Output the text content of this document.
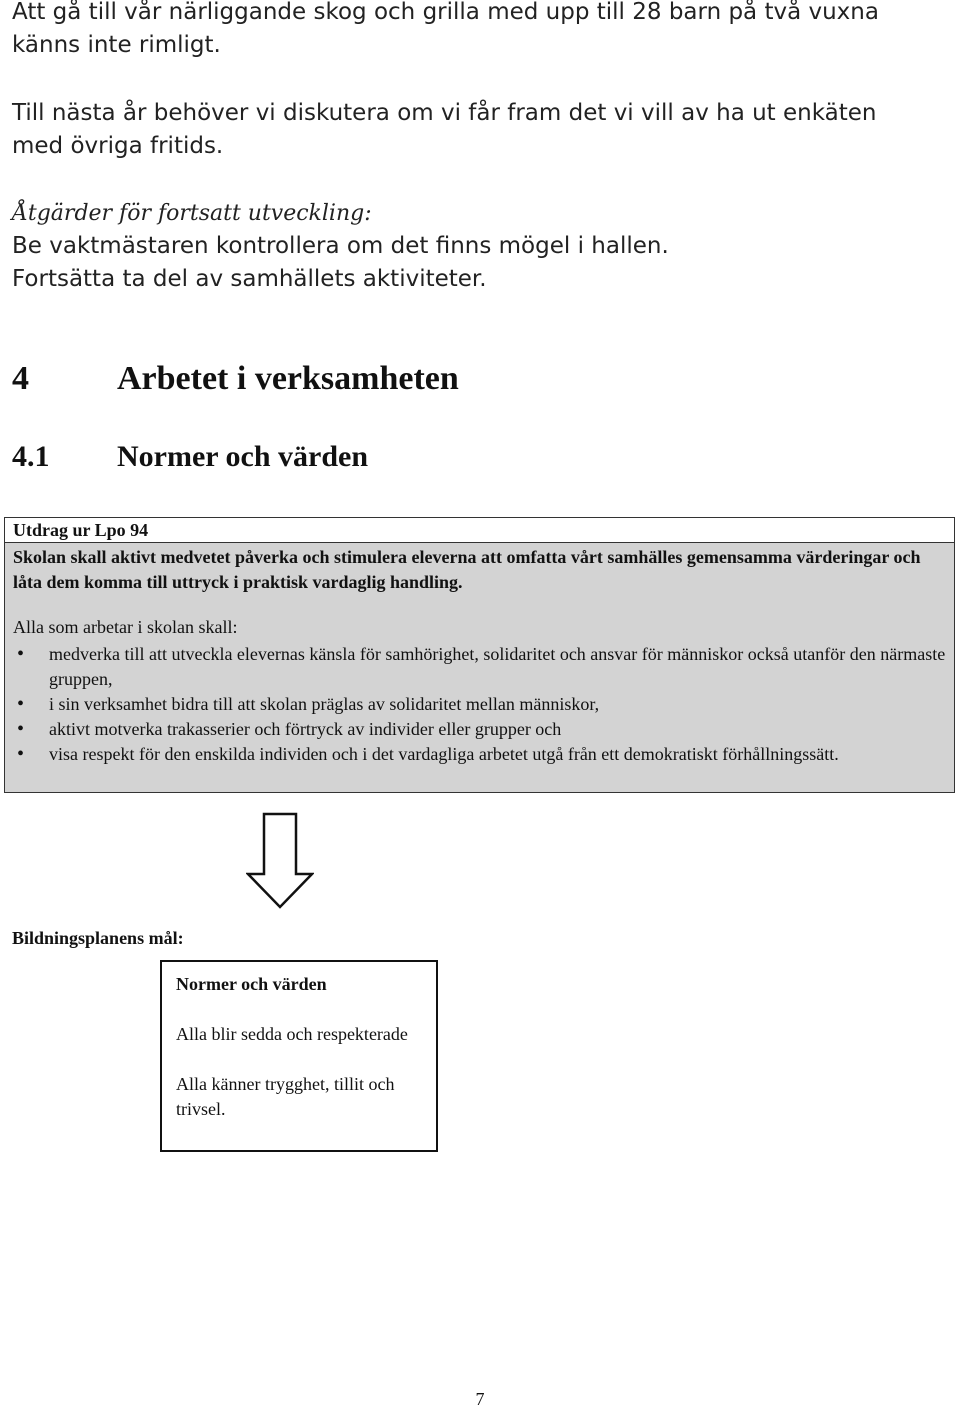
Att gå till vår närliggande skog och grilla med upp till 28 barn på två vuxna känns inte rimligt.
Till nästa år behöver vi diskutera om vi får fram det vi vill av ha ut enkäten med övriga fritids.
Åtgärder för fortsatt utveckling:
Be vaktmästaren kontrollera om det finns mögel i hallen.
Fortsätta ta del av samhällets aktiviteter.
4	Arbetet i verksamheten
4.1 Normer och värden
Utdrag ur Lpo 94
Skolan skall aktivt medvetet påverka och stimulera eleverna att omfatta vårt samhälles gemensamma värderingar och låta dem komma till uttryck i praktisk vardaglig handling.
Alla som arbetar i skolan skall:
• medverka till att utveckla elevernas känsla för samhörighet, solidaritet och ansvar för människor också utanför den närmaste gruppen,
• i sin verksamhet bidra till att skolan präglas av solidaritet mellan människor,
• aktivt motverka trakasserier och förtryck av individer eller grupper och
• visa respekt för den enskilda individen och i det vardagliga arbetet utgå från ett demokratiskt förhållningssätt.
Bildningsplanens mål:
Normer och värden
Alla blir sedda och respekterade
Alla känner trygghet, tillit och trivsel.
7
